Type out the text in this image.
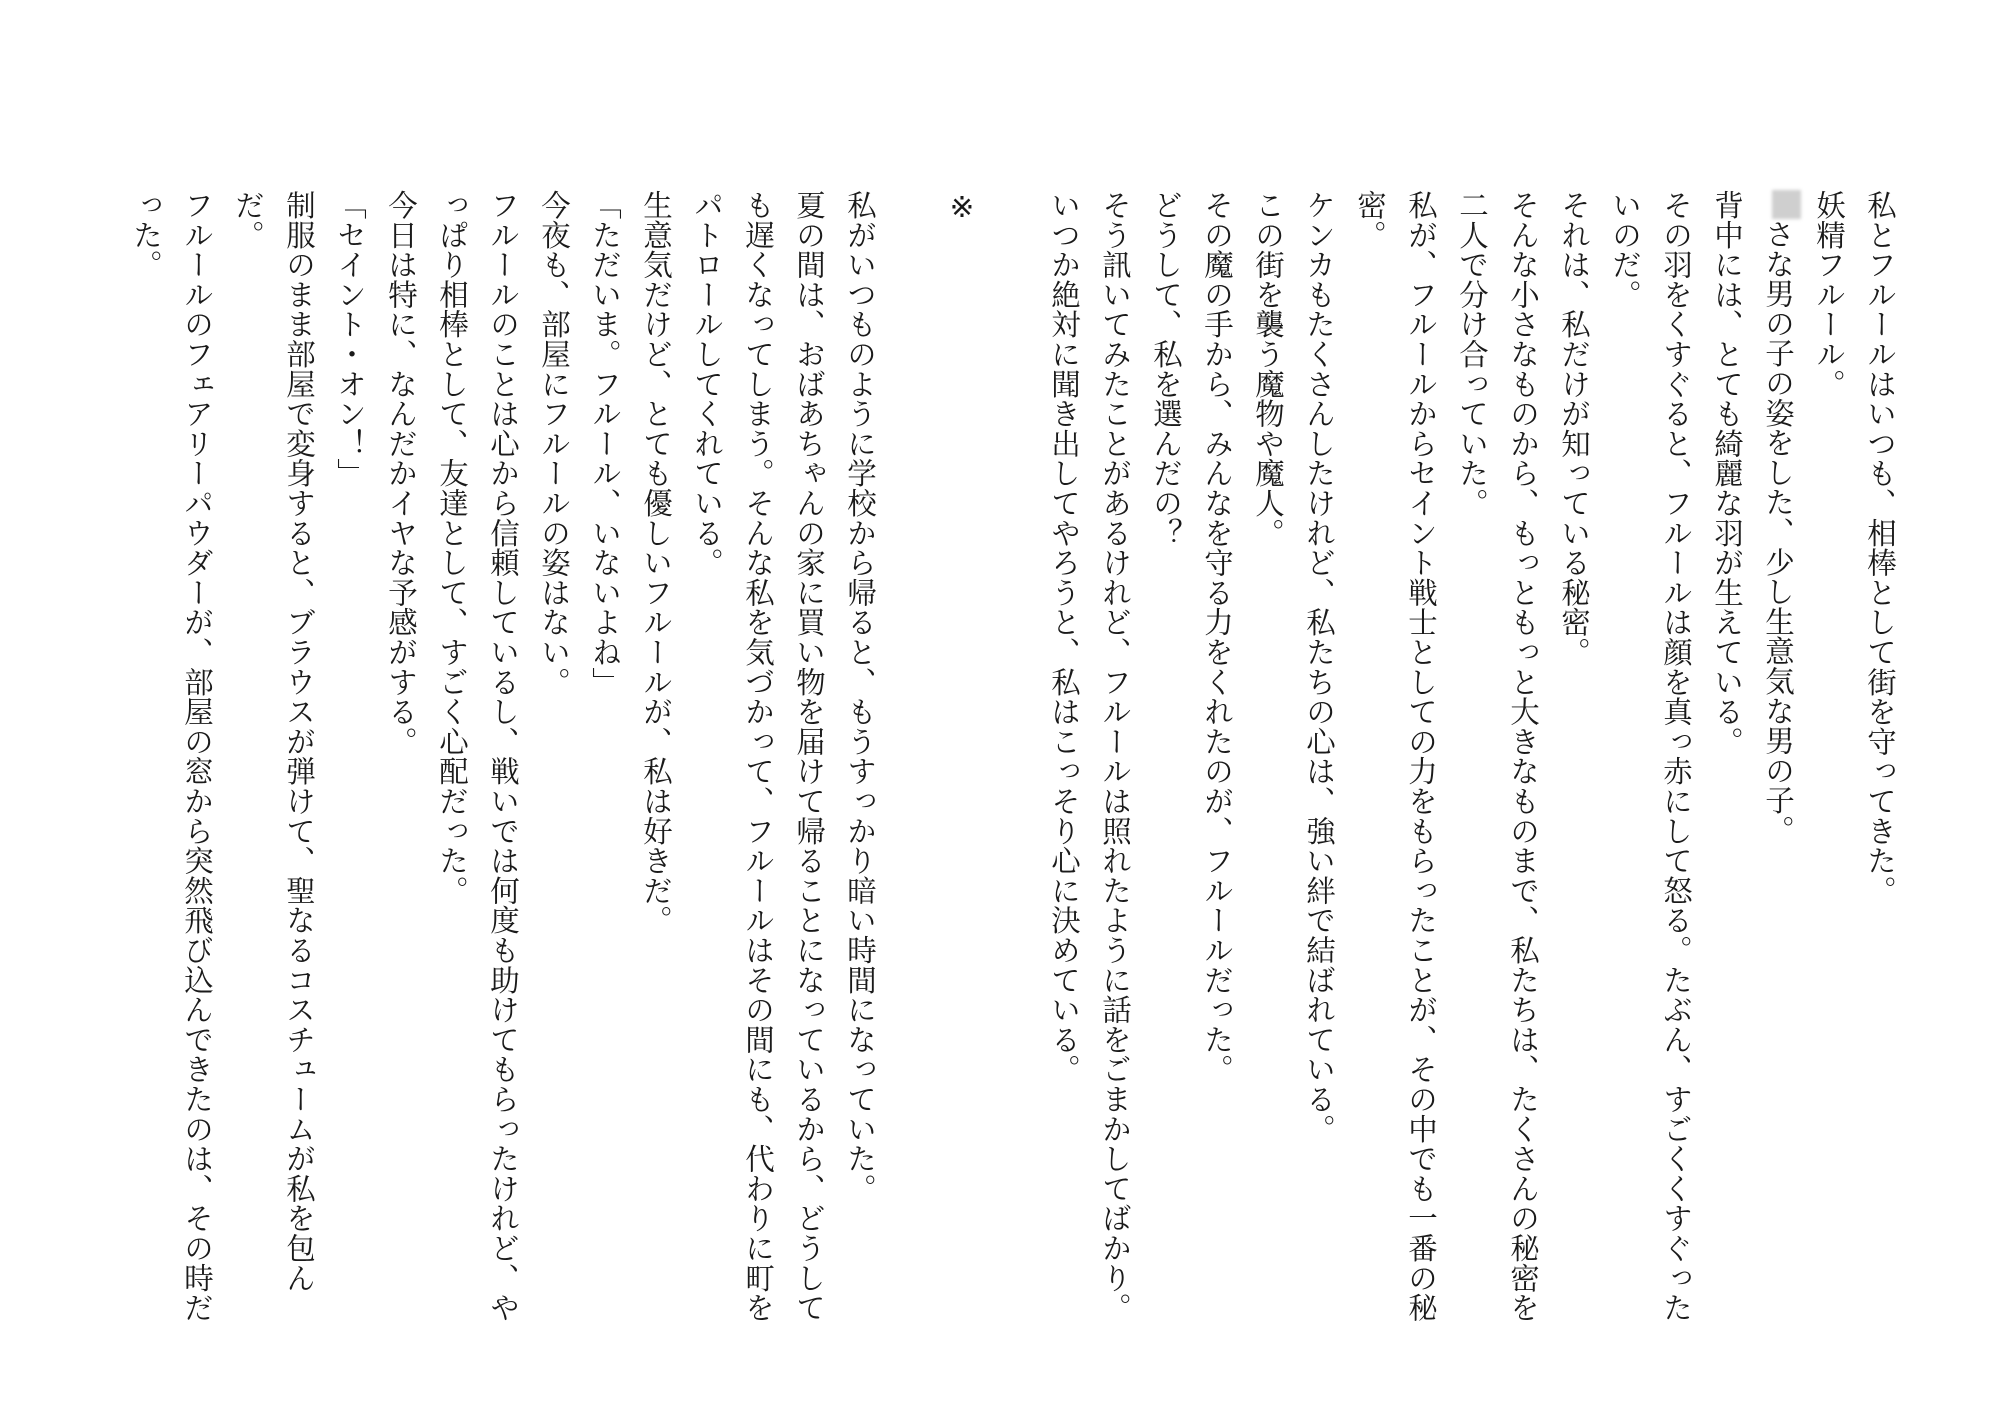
私とフルールはいつも、相棒として街を守ってきた。

妖精フルール。

さな男の子の姿をした、少し生意気な男の子。

背中には、とても綺麗な羽が生えている。

その羽をくすぐると、フルールは顔を真っ赤にして怒る。たぶん、すごくくすぐったいのだ。

それは、私だけが知っている秘密。

そんな小さなものから、もっともっと大きなものまで、私たちは、たくさんの秘密を二人で分け合っていた。

私が、フルールからセイント戦士としての力をもらったことが、その中でも一番の秘密。

ケンカもたくさんしたけれど、私たちの心は、強い絆で結ばれている。

この街を襲う魔物や魔人。

その魔の手から、みんなを守る力をくれたのが、フルールだった。

どうして、私を選んだの？

そう訊いてみたことがあるけれど、フルールは照れたように話をごまかしてばかり。

いつか絶対に聞き出してやろうと、私はこっそり心に決めている。

※

私がいつものように学校から帰ると、もうすっかり暗い時間になっていた。

夏の間は、おばあちゃんの家に買い物を届けて帰ることになっているから、どうしても遅くなってしまう。そんな私を気づかって、フルールはその間にも、代わりに町をパトロールしてくれている。

生意気だけど、とても優しいフルールが、私は好きだ。

「ただいま。フルール、いないよね」

今夜も、部屋にフルールの姿はない。

フルールのことは心から信頼しているし、戦いでは何度も助けてもらったけれど、やっぱり相棒として、友達として、すごく心配だった。

今日は特に、なんだかイヤな予感がする。

「セイント・オン！」

制服のまま部屋で変身すると、ブラウスが弾けて、聖なるコスチュームが私を包んだ。

フルールのフェアリーパウダーが、部屋の窓から突然飛び込んできたのは、その時だった。
